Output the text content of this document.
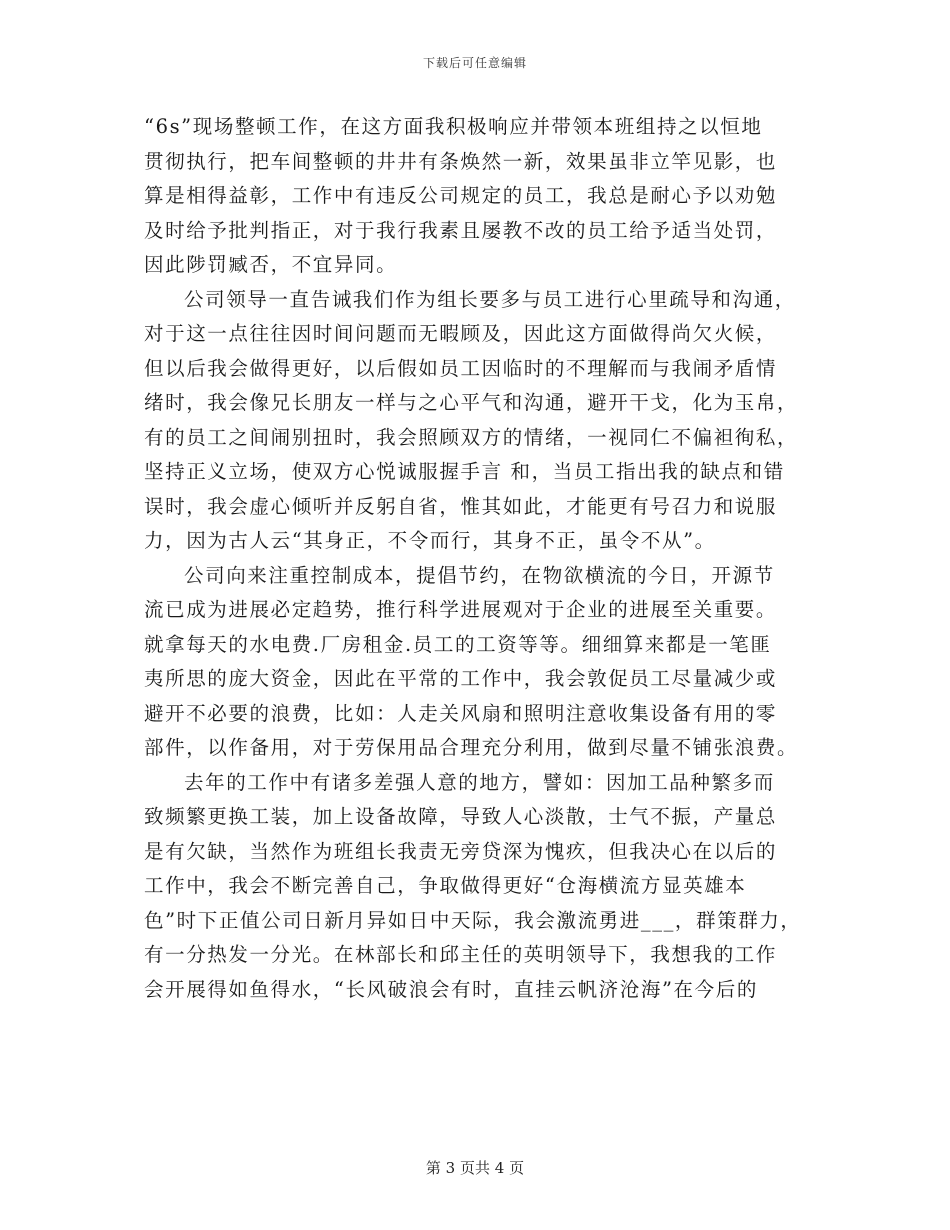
下载后可任意编辑
“6s”现场整顿工作，在这方面我积极响应并带领本班组持之以恒地
贯彻执行，把车间整顿的井井有条焕然一新，效果虽非立竿见影，也
算是相得益彰，工作中有违反公司规定的员工，我总是耐心予以劝勉
及时给予批判指正，对于我行我素且屡教不改的员工给予适当处罚，
因此陟罚臧否，不宜异同。
公司领导一直告诫我们作为组长要多与员工进行心里疏导和沟通，
对于这一点往往因时间问题而无暇顾及，因此这方面做得尚欠火候，
但以后我会做得更好，以后假如员工因临时的不理解而与我闹矛盾情
绪时，我会像兄长朋友一样与之心平气和沟通，避开干戈，化为玉帛，
有的员工之间闹别扭时，我会照顾双方的情绪，一视同仁不偏袒徇私，
坚持正义立场，使双方心悦诚服握手言 和，当员工指出我的缺点和错
误时，我会虚心倾听并反躬自省，惟其如此，才能更有号召力和说服
力，因为古人云“其身正，不令而行，其身不正，虽令不从”。
公司向来注重控制成本，提倡节约，在物欲横流的今日，开源节
流已成为进展必定趋势，推行科学进展观对于企业的进展至关重要。
就拿每天的水电费.厂房租金.员工的工资等等。细细算来都是一笔匪
夷所思的庞大资金，因此在平常的工作中，我会敦促员工尽量减少或
避开不必要的浪费，比如：人走关风扇和照明注意收集设备有用的零
部件，以作备用，对于劳保用品合理充分利用，做到尽量不铺张浪费。
去年的工作中有诸多差强人意的地方，譬如：因加工品种繁多而
致频繁更换工装，加上设备故障，导致人心淡散，士气不振，产量总
是有欠缺，当然作为班组长我责无旁贷深为愧疚，但我决心在以后的
工作中，我会不断完善自己，争取做得更好“仓海横流方显英雄本
色”时下正值公司日新月异如日中天际，我会激流勇进___，群策群力，
有一分热发一分光。在林部长和邱主任的英明领导下，我想我的工作
会开展得如鱼得水，“长风破浪会有时，直挂云帆济沧海”在今后的
第 3 页共 4 页
